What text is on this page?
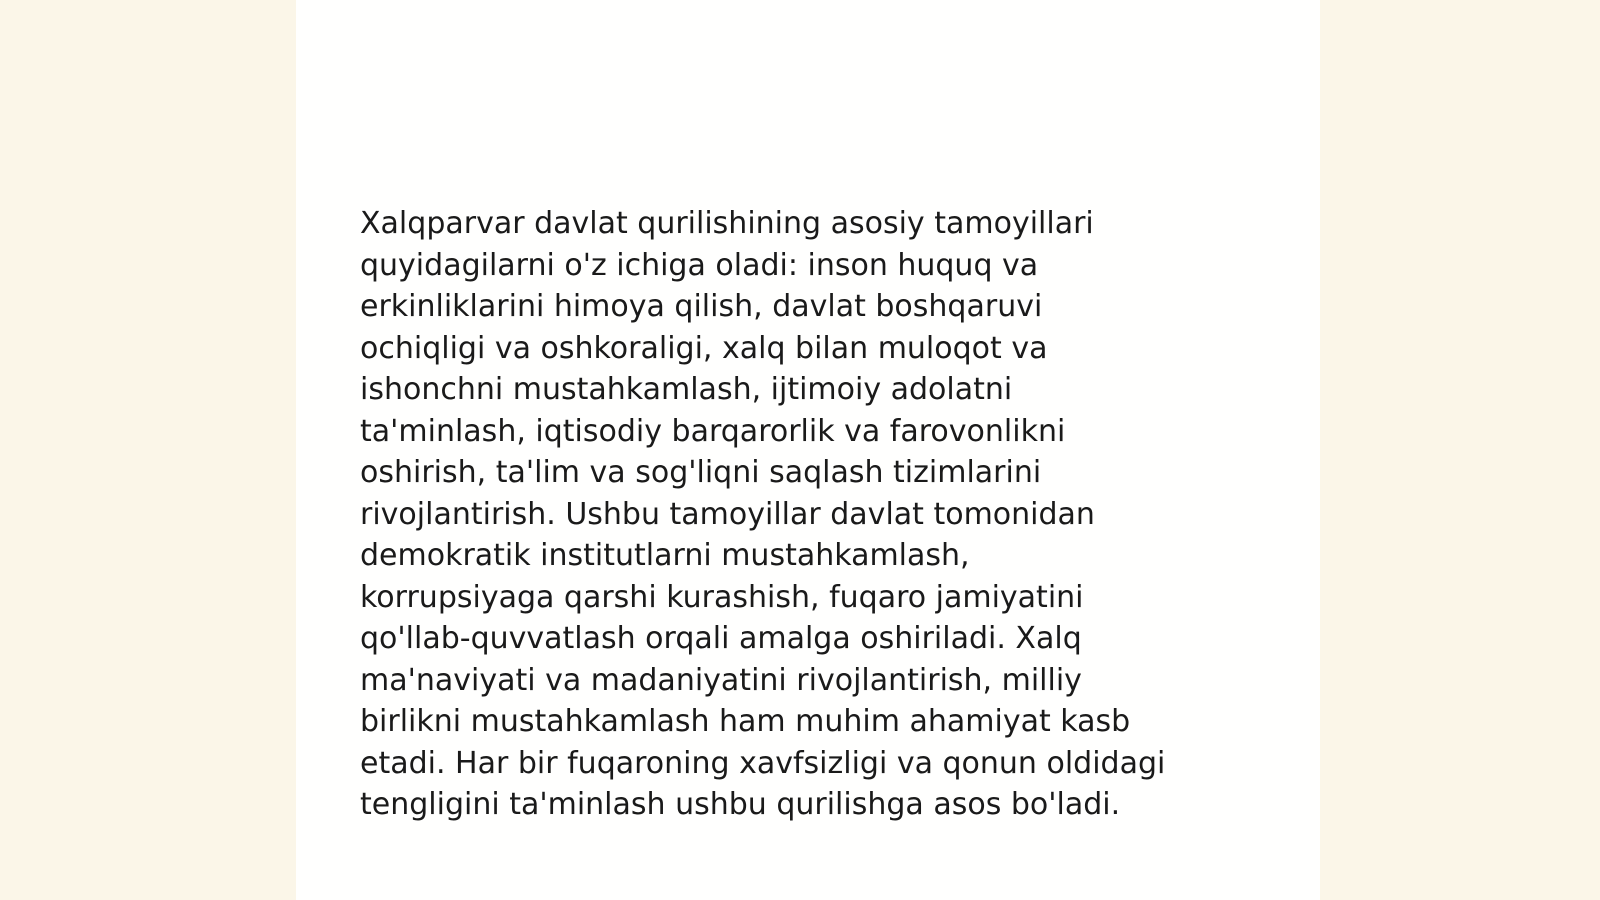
Xalqparvar davlat qurilishining asosiy tamoyillari
quyidagilarni o'z ichiga oladi: inson huquq va
erkinliklarini himoya qilish, davlat boshqaruvi
ochiqligi va oshkoraligi, xalq bilan muloqot va
ishonchni mustahkamlash, ijtimoiy adolatni
ta'minlash, iqtisodiy barqarorlik va farovonlikni
oshirish, ta'lim va sog'liqni saqlash tizimlarini
rivojlantirish. Ushbu tamoyillar davlat tomonidan
demokratik institutlarni mustahkamlash,
korrupsiyaga qarshi kurashish, fuqaro jamiyatini
qo'llab-quvvatlash orqali amalga oshiriladi. Xalq
ma'naviyati va madaniyatini rivojlantirish, milliy
birlikni mustahkamlash ham muhim ahamiyat kasb
etadi. Har bir fuqaroning xavfsizligi va qonun oldidagi
tengligini ta'minlash ushbu qurilishga asos bo'ladi.
